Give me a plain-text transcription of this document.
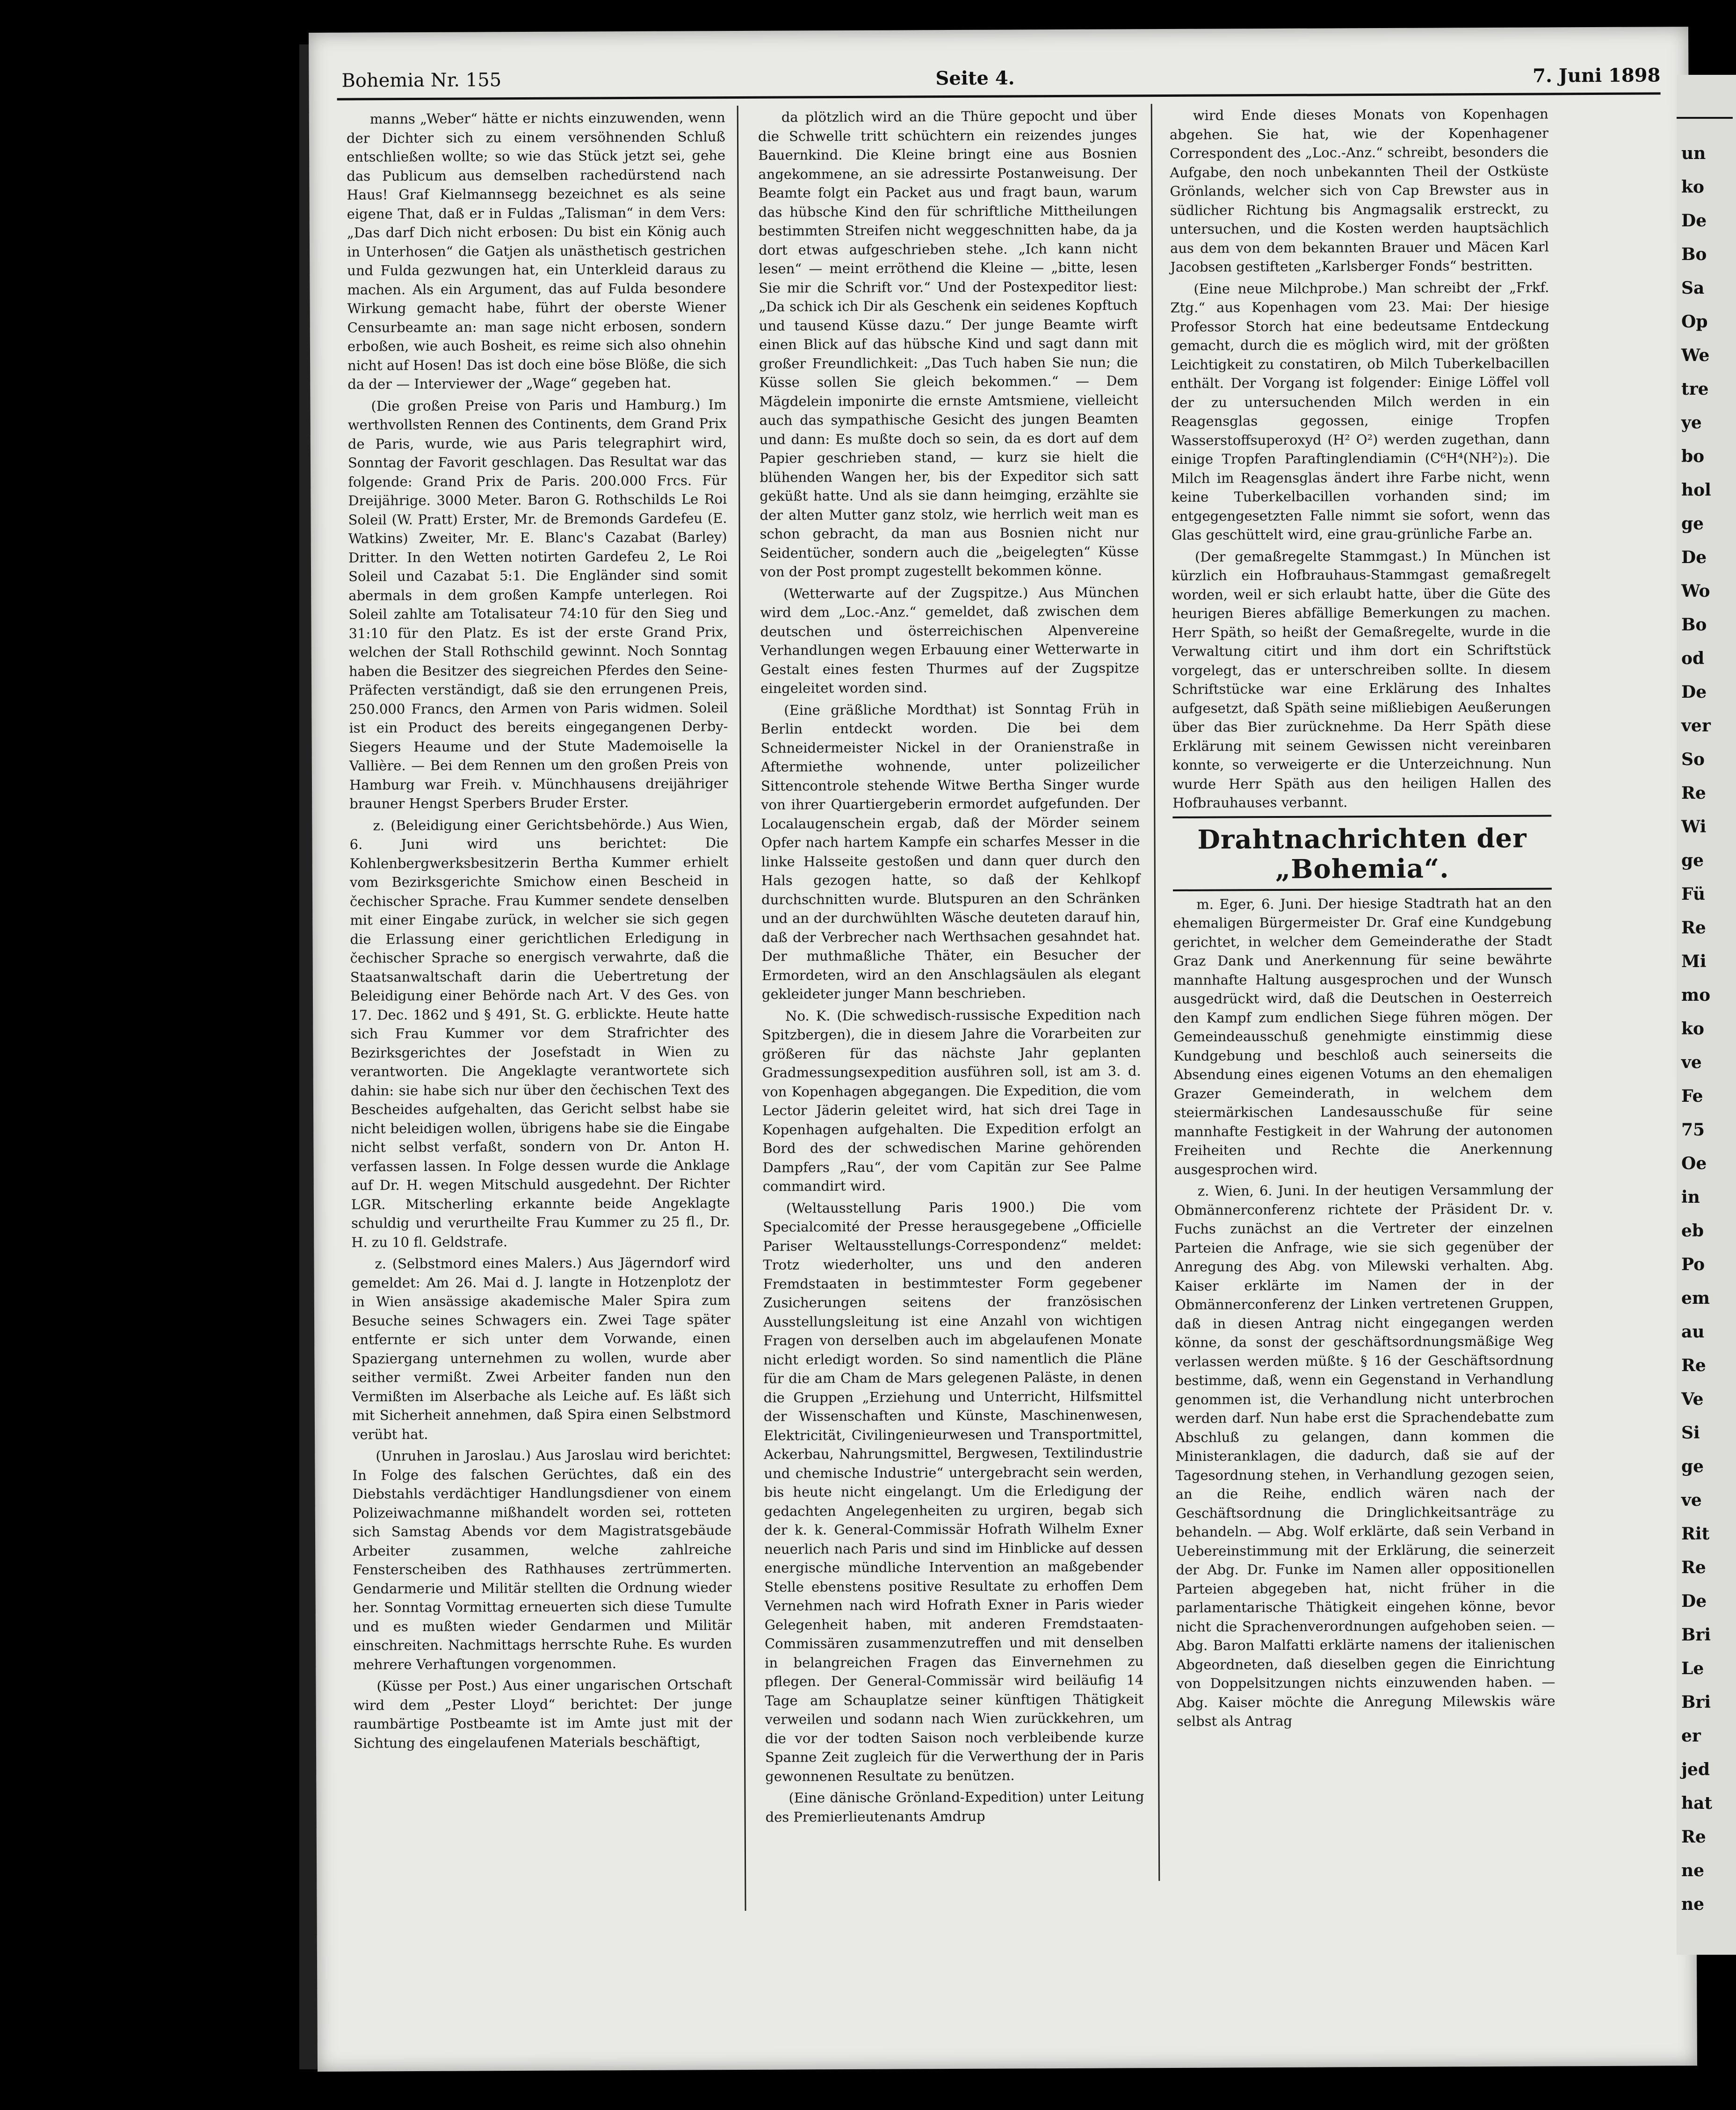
Bohemia Nr. 155	Seite 4.	7. Juni 1898

manns „Weber“ hätte er nichts einzuwenden, wenn der Dichter sich zu einem versöhnenden Schluß entschließen wollte; so wie das Stück jetzt sei, gehe das Publicum aus demselben rachedürstend nach Haus! Graf Kielmannsegg bezeichnet es als seine eigene That, daß er in Fuldas „Talisman“ in dem Vers: „Das darf Dich nicht erbosen: Du bist ein König auch in Unterhosen“ die Gatjen als unästhetisch gestrichen und Fulda gezwungen hat, ein Unterkleid daraus zu machen. Als ein Argument, das auf Fulda besondere Wirkung gemacht habe, führt der oberste Wiener Censurbeamte an: man sage nicht erbosen, sondern erboßen, wie auch Bosheit, es reime sich also ohnehin nicht auf Hosen! Das ist doch eine böse Blöße, die sich da der — Interviewer der „Wage“ gegeben hat.

(Die großen Preise von Paris und Hamburg.) Im werthvollsten Rennen des Continents, dem Grand Prix de Paris, wurde, wie aus Paris telegraphirt wird, Sonntag der Favorit geschlagen. Das Resultat war das folgende: Grand Prix de Paris. 200.000 Frcs. Für Dreijährige. 3000 Meter. Baron G. Rothschilds Le Roi Soleil (W. Pratt) Erster, Mr. de Bremonds Gardefeu (E. Watkins) Zweiter, Mr. E. Blanc's Cazabat (Barley) Dritter. In den Wetten notirten Gardefeu 2, Le Roi Soleil und Cazabat 5:1. Die Engländer sind somit abermals in dem großen Kampfe unterlegen. Roi Soleil zahlte am Totalisateur 74:10 für den Sieg und 31:10 für den Platz. Es ist der erste Grand Prix, welchen der Stall Rothschild gewinnt. Noch Sonntag haben die Besitzer des siegreichen Pferdes den Seine-Präfecten verständigt, daß sie den errungenen Preis, 250.000 Francs, den Armen von Paris widmen. Soleil ist ein Product des bereits eingegangenen Derby-Siegers Heaume und der Stute Mademoiselle la Vallière. — Bei dem Rennen um den großen Preis von Hamburg war Freih. v. Münchhausens dreijähriger brauner Hengst Sperbers Bruder Erster.

z. (Beleidigung einer Gerichtsbehörde.) Aus Wien, 6. Juni wird uns berichtet: Die Kohlenbergwerksbesitzerin Bertha Kummer erhielt vom Bezirksgerichte Smichow einen Bescheid in čechischer Sprache. Frau Kummer sendete denselben mit einer Eingabe zurück, in welcher sie sich gegen die Erlassung einer gerichtlichen Erledigung in čechischer Sprache so energisch verwahrte, daß die Staatsanwaltschaft darin die Uebertretung der Beleidigung einer Behörde nach Art. V des Ges. von 17. Dec. 1862 und § 491, St. G. erblickte. Heute hatte sich Frau Kummer vor dem Strafrichter des Bezirksgerichtes der Josefstadt in Wien zu verantworten. Die Angeklagte verantwortete sich dahin: sie habe sich nur über den čechischen Text des Bescheides aufgehalten, das Gericht selbst habe sie nicht beleidigen wollen, übrigens habe sie die Eingabe nicht selbst verfaßt, sondern von Dr. Anton H. verfassen lassen. In Folge dessen wurde die Anklage auf Dr. H. wegen Mitschuld ausgedehnt. Der Richter LGR. Mitscherling erkannte beide Angeklagte schuldig und verurtheilte Frau Kummer zu 25 fl., Dr. H. zu 10 fl. Geldstrafe.

z. (Selbstmord eines Malers.) Aus Jägerndorf wird gemeldet: Am 26. Mai d. J. langte in Hotzenplotz der in Wien ansässige akademische Maler Spira zum Besuche seines Schwagers ein. Zwei Tage später entfernte er sich unter dem Vorwande, einen Spaziergang unternehmen zu wollen, wurde aber seither vermißt. Zwei Arbeiter fanden nun den Vermißten im Alserbache als Leiche auf. Es läßt sich mit Sicherheit annehmen, daß Spira einen Selbstmord verübt hat.

(Unruhen in Jaroslau.) Aus Jaroslau wird berichtet: In Folge des falschen Gerüchtes, daß ein des Diebstahls verdächtiger Handlungsdiener von einem Polizeiwachmanne mißhandelt worden sei, rotteten sich Samstag Abends vor dem Magistratsgebäude Arbeiter zusammen, welche zahlreiche Fensterscheiben des Rathhauses zertrümmerten. Gendarmerie und Militär stellten die Ordnung wieder her. Sonntag Vormittag erneuerten sich diese Tumulte und es mußten wieder Gendarmen und Militär einschreiten. Nachmittags herrschte Ruhe. Es wurden mehrere Verhaftungen vorgenommen.

(Küsse per Post.) Aus einer ungarischen Ortschaft wird dem „Pester Lloyd“ berichtet: Der junge raumbärtige Postbeamte ist im Amte just mit der Sichtung des eingelaufenen Materials beschäftigt,

da plötzlich wird an die Thüre gepocht und über die Schwelle tritt schüchtern ein reizendes junges Bauernkind. Die Kleine bringt eine aus Bosnien angekommene, an sie adressirte Postanweisung. Der Beamte folgt ein Packet aus und fragt baun, warum das hübsche Kind den für schriftliche Mittheilungen bestimmten Streifen nicht weggeschnitten habe, da ja dort etwas aufgeschrieben stehe. „Ich kann nicht lesen“ — meint erröthend die Kleine — „bitte, lesen Sie mir die Schrift vor.“ Und der Postexpeditor liest: „Da schick ich Dir als Geschenk ein seidenes Kopftuch und tausend Küsse dazu.“ Der junge Beamte wirft einen Blick auf das hübsche Kind und sagt dann mit großer Freundlichkeit: „Das Tuch haben Sie nun; die Küsse sollen Sie gleich bekommen.“ — Dem Mägdelein imponirte die ernste Amtsmiene, vielleicht auch das sympathische Gesicht des jungen Beamten und dann: Es mußte doch so sein, da es dort auf dem Papier geschrieben stand, — kurz sie hielt die blühenden Wangen her, bis der Expeditor sich satt geküßt hatte. Und als sie dann heimging, erzählte sie der alten Mutter ganz stolz, wie herrlich weit man es schon gebracht, da man aus Bosnien nicht nur Seidentücher, sondern auch die „beigelegten“ Küsse von der Post prompt zugestellt bekommen könne.

(Wetterwarte auf der Zugspitze.) Aus München wird dem „Loc.-Anz.“ gemeldet, daß zwischen dem deutschen und österreichischen Alpenvereine Verhandlungen wegen Erbauung einer Wetterwarte in Gestalt eines festen Thurmes auf der Zugspitze eingeleitet worden sind.

(Eine gräßliche Mordthat) ist Sonntag Früh in Berlin entdeckt worden. Die bei dem Schneidermeister Nickel in der Oranienstraße in Aftermiethe wohnende, unter polizeilicher Sittencontrole stehende Witwe Bertha Singer wurde von ihrer Quartiergeberin ermordet aufgefunden. Der Localaugenschein ergab, daß der Mörder seinem Opfer nach hartem Kampfe ein scharfes Messer in die linke Halsseite gestoßen und dann quer durch den Hals gezogen hatte, so daß der Kehlkopf durchschnitten wurde. Blutspuren an den Schränken und an der durchwühlten Wäsche deuteten darauf hin, daß der Verbrecher nach Werthsachen gesahndet hat. Der muthmaßliche Thäter, ein Besucher der Ermordeten, wird an den Anschlagsäulen als elegant gekleideter junger Mann beschrieben.

No. K. (Die schwedisch-russische Expedition nach Spitzbergen), die in diesem Jahre die Vorarbeiten zur größeren für das nächste Jahr geplanten Gradmessungsexpedition ausführen soll, ist am 3. d. von Kopenhagen abgegangen. Die Expedition, die vom Lector Jäderin geleitet wird, hat sich drei Tage in Kopenhagen aufgehalten. Die Expedition erfolgt an Bord des der schwedischen Marine gehörenden Dampfers „Rau“, der vom Capitän zur See Palme commandirt wird.

(Weltausstellung Paris 1900.) Die vom Specialcomité der Presse herausgegebene „Officielle Pariser Weltausstellungs-Correspondenz“ meldet: Trotz wiederholter, uns und den anderen Fremdstaaten in bestimmtester Form gegebener Zusicherungen seitens der französischen Ausstellungsleitung ist eine Anzahl von wichtigen Fragen von derselben auch im abgelaufenen Monate nicht erledigt worden. So sind namentlich die Pläne für die am Cham de Mars gelegenen Paläste, in denen die Gruppen „Erziehung und Unterricht, Hilfsmittel der Wissenschaften und Künste, Maschinenwesen, Elektricität, Civilingenieurwesen und Transportmittel, Ackerbau, Nahrungsmittel, Bergwesen, Textilindustrie und chemische Industrie“ untergebracht sein werden, bis heute nicht eingelangt. Um die Erledigung der gedachten Angelegenheiten zu urgiren, begab sich der k. k. General-Commissär Hofrath Wilhelm Exner neuerlich nach Paris und sind im Hinblicke auf dessen energische mündliche Intervention an maßgebender Stelle ebenstens positive Resultate zu erhoffen Dem Vernehmen nach wird Hofrath Exner in Paris wieder Gelegenheit haben, mit anderen Fremdstaaten-Commissären zusammenzutreffen und mit denselben in belangreichen Fragen das Einvernehmen zu pflegen. Der General-Commissär wird beiläufig 14 Tage am Schauplatze seiner künftigen Thätigkeit verweilen und sodann nach Wien zurückkehren, um die vor der todten Saison noch verbleibende kurze Spanne Zeit zugleich für die Verwerthung der in Paris gewonnenen Resultate zu benützen.

(Eine dänische Grönland-Expedition) unter Leitung des Premierlieutenants Amdrup

wird Ende dieses Monats von Kopenhagen abgehen. Sie hat, wie der Kopenhagener Correspondent des „Loc.-Anz.“ schreibt, besonders die Aufgabe, den noch unbekannten Theil der Ostküste Grönlands, welcher sich von Cap Brewster aus in südlicher Richtung bis Angmagsalik erstreckt, zu untersuchen, und die Kosten werden hauptsächlich aus dem von dem bekannten Brauer und Mäcen Karl Jacobsen gestifteten „Karlsberger Fonds“ bestritten.

(Eine neue Milchprobe.) Man schreibt der „Frkf. Ztg.“ aus Kopenhagen vom 23. Mai: Der hiesige Professor Storch hat eine bedeutsame Entdeckung gemacht, durch die es möglich wird, mit der größten Leichtigkeit zu constatiren, ob Milch Tuberkelbacillen enthält. Der Vorgang ist folgender: Einige Löffel voll der zu untersuchenden Milch werden in ein Reagensglas gegossen, einige Tropfen Wasserstoffsuperoxyd (H² O²) werden zugethan, dann einige Tropfen Paraftinglendiamin (C⁶H⁴(NH²)₂). Die Milch im Reagensglas ändert ihre Farbe nicht, wenn keine Tuberkelbacillen vorhanden sind; im entgegengesetzten Falle nimmt sie sofort, wenn das Glas geschüttelt wird, eine grau-grünliche Farbe an.

(Der gemaßregelte Stammgast.) In München ist kürzlich ein Hofbrauhaus-Stammgast gemaßregelt worden, weil er sich erlaubt hatte, über die Güte des heurigen Bieres abfällige Bemerkungen zu machen. Herr Späth, so heißt der Gemaßregelte, wurde in die Verwaltung citirt und ihm dort ein Schriftstück vorgelegt, das er unterschreiben sollte. In diesem Schriftstücke war eine Erklärung des Inhaltes aufgesetzt, daß Späth seine mißliebigen Aeußerungen über das Bier zurücknehme. Da Herr Späth diese Erklärung mit seinem Gewissen nicht vereinbaren konnte, so verweigerte er die Unterzeichnung. Nun wurde Herr Späth aus den heiligen Hallen des Hofbrauhauses verbannt.

Drahtnachrichten der „Bohemia“.

m. Eger, 6. Juni. Der hiesige Stadtrath hat an den ehemaligen Bürgermeister Dr. Graf eine Kundgebung gerichtet, in welcher dem Gemeinderathe der Stadt Graz Dank und Anerkennung für seine bewährte mannhafte Haltung ausgesprochen und der Wunsch ausgedrückt wird, daß die Deutschen in Oesterreich den Kampf zum endlichen Siege führen mögen. Der Gemeindeausschuß genehmigte einstimmig diese Kundgebung und beschloß auch seinerseits die Absendung eines eigenen Votums an den ehemaligen Grazer Gemeinderath, in welchem dem steiermärkischen Landesausschuße für seine mannhafte Festigkeit in der Wahrung der autonomen Freiheiten und Rechte die Anerkennung ausgesprochen wird.

z. Wien, 6. Juni. In der heutigen Versammlung der Obmännerconferenz richtete der Präsident Dr. v. Fuchs zunächst an die Vertreter der einzelnen Parteien die Anfrage, wie sie sich gegenüber der Anregung des Abg. von Milewski verhalten. Abg. Kaiser erklärte im Namen der in der Obmännerconferenz der Linken vertretenen Gruppen, daß in diesen Antrag nicht eingegangen werden könne, da sonst der geschäftsordnungsmäßige Weg verlassen werden müßte. § 16 der Geschäftsordnung bestimme, daß, wenn ein Gegenstand in Verhandlung genommen ist, die Verhandlung nicht unterbrochen werden darf. Nun habe erst die Sprachendebatte zum Abschluß zu gelangen, dann kommen die Ministeranklagen, die dadurch, daß sie auf der Tagesordnung stehen, in Verhandlung gezogen seien, an die Reihe, endlich wären nach der Geschäftsordnung die Dringlichkeitsanträge zu behandeln. — Abg. Wolf erklärte, daß sein Verband in Uebereinstimmung mit der Erklärung, die seinerzeit der Abg. Dr. Funke im Namen aller oppositionellen Parteien abgegeben hat, nicht früher in die parlamentarische Thätigkeit eingehen könne, bevor nicht die Sprachenverordnungen aufgehoben seien. — Abg. Baron Malfatti erklärte namens der italienischen Abgeordneten, daß dieselben gegen die Einrichtung von Doppelsitzungen nichts einzuwenden haben. — Abg. Kaiser möchte die Anregung Milewskis wäre selbst als Antrag

un
ko
De
Bo
Sa
Op
We
tre
ye
bo
hol
ge
De
Wo
Bo
od
De
ver
So
Re
Wi
ge
Fü
Re
Mi
mo
ko
ve
Fe
75
Oe
in
eb
Po
em
au
Re
Ve
Si
ge
ve
Rit
Re
De
Bri
Le
Bri
er
jed
hat
Re
ne
ne
